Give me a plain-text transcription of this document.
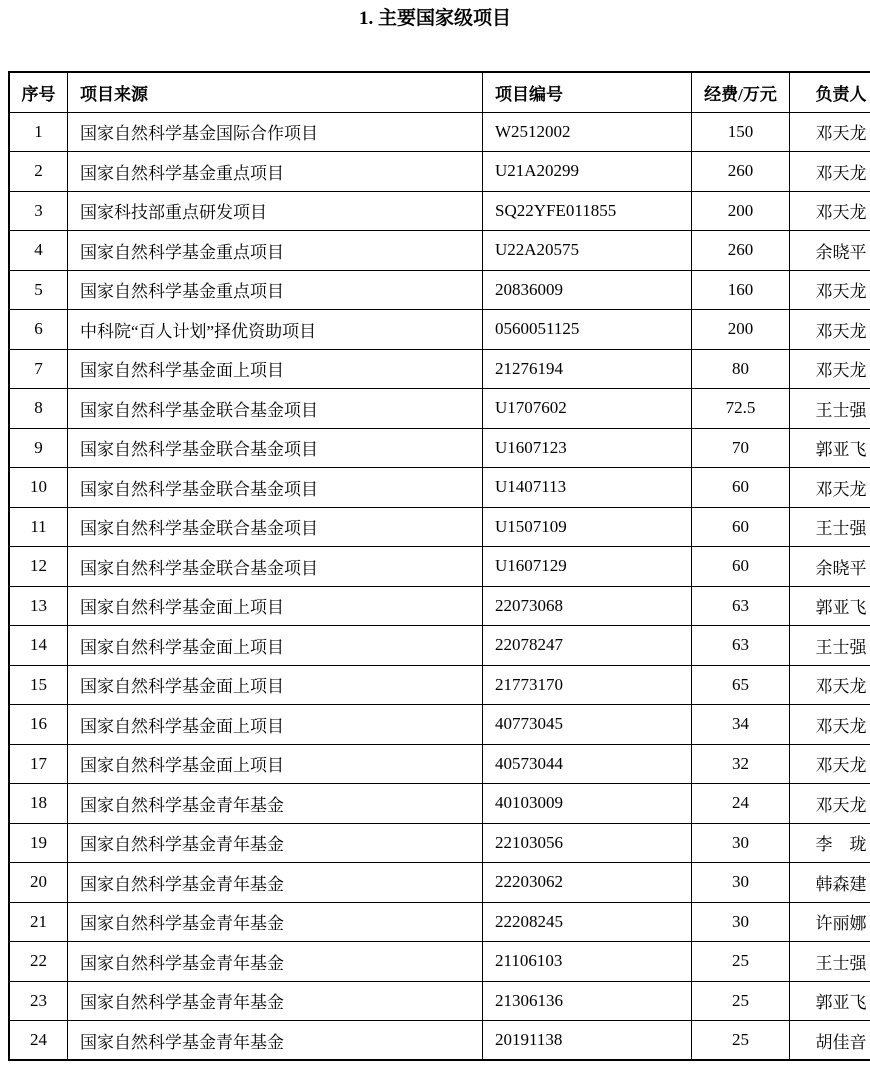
1. 主要国家级项目
序号	项目来源	项目编号	经费/万元	负责人
1	国家自然科学基金国际合作项目	W2512002	150	邓天龙
2	国家自然科学基金重点项目	U21A20299	260	邓天龙
3	国家科技部重点研发项目	SQ22YFE011855	200	邓天龙
4	国家自然科学基金重点项目	U22A20575	260	余晓平
5	国家自然科学基金重点项目	20836009	160	邓天龙
6	中科院“百人计划”择优资助项目	0560051125	200	邓天龙
7	国家自然科学基金面上项目	21276194	80	邓天龙
8	国家自然科学基金联合基金项目	U1707602	72.5	王士强
9	国家自然科学基金联合基金项目	U1607123	70	郭亚飞
10	国家自然科学基金联合基金项目	U1407113	60	邓天龙
11	国家自然科学基金联合基金项目	U1507109	60	王士强
12	国家自然科学基金联合基金项目	U1607129	60	余晓平
13	国家自然科学基金面上项目	22073068	63	郭亚飞
14	国家自然科学基金面上项目	22078247	63	王士强
15	国家自然科学基金面上项目	21773170	65	邓天龙
16	国家自然科学基金面上项目	40773045	34	邓天龙
17	国家自然科学基金面上项目	40573044	32	邓天龙
18	国家自然科学基金青年基金	40103009	24	邓天龙
19	国家自然科学基金青年基金	22103056	30	李　珑
20	国家自然科学基金青年基金	22203062	30	韩森建
21	国家自然科学基金青年基金	22208245	30	许丽娜
22	国家自然科学基金青年基金	21106103	25	王士强
23	国家自然科学基金青年基金	21306136	25	郭亚飞
24	国家自然科学基金青年基金	20191138	25	胡佳音
